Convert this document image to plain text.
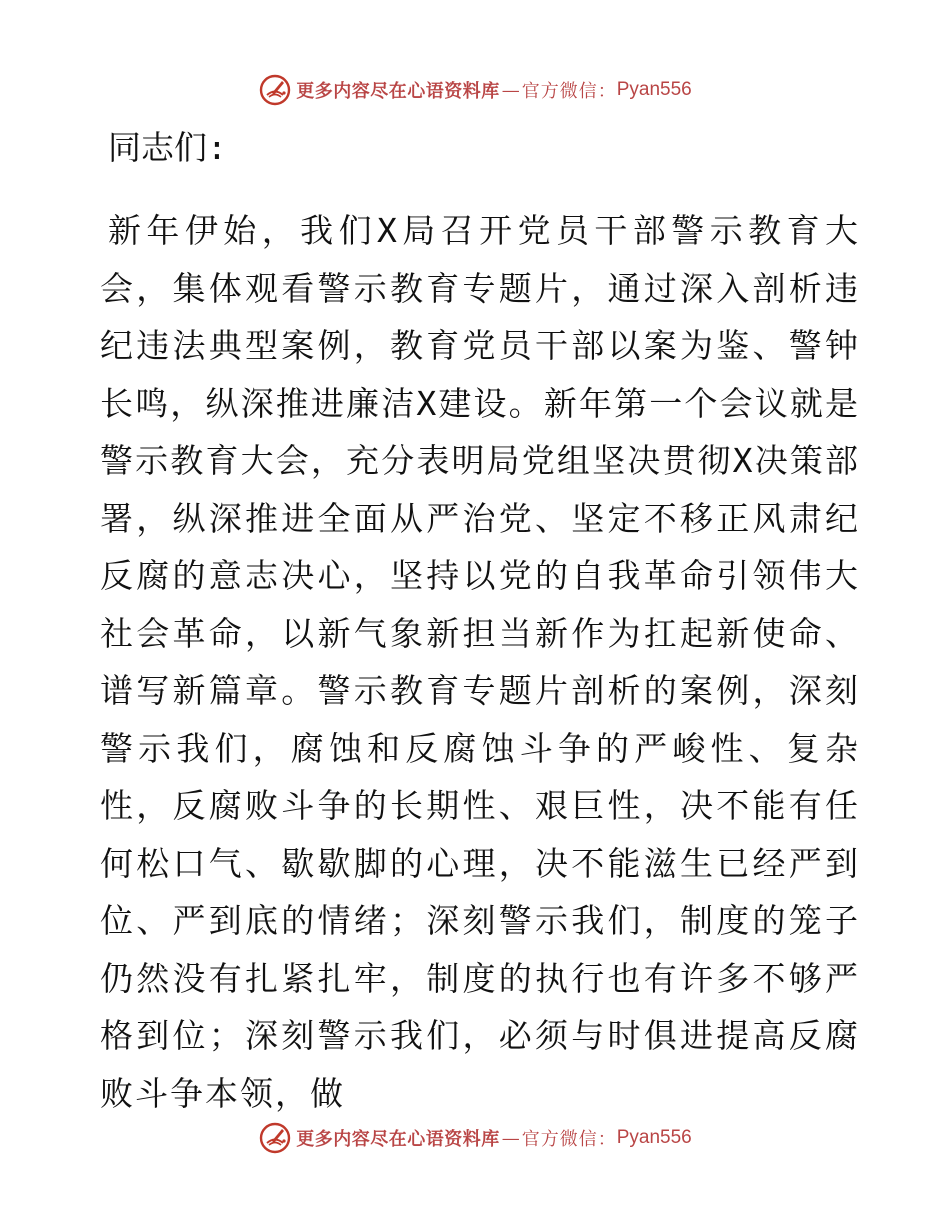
更多内容尽在心语资料库 — 官方微信： Pyan556

同志们:

新年伊始，我们X局召开党员干部警示教育大会，集体观看警示教育专题片，通过深入剖析违纪违法典型案例，教育党员干部以案为鉴、警钟长鸣，纵深推进廉洁X建设。新年第一个会议就是警示教育大会，充分表明局党组坚决贯彻X决策部署，纵深推进全面从严治党、坚定不移正风肃纪反腐的意志决心，坚持以党的自我革命引领伟大社会革命，以新气象新担当新作为扛起新使命、谱写新篇章。警示教育专题片剖析的案例，深刻警示我们，腐蚀和反腐蚀斗争的严峻性、复杂性，反腐败斗争的长期性、艰巨性，决不能有任何松口气、歇歇脚的心理，决不能滋生已经严到位、严到底的情绪；深刻警示我们，制度的笼子仍然没有扎紧扎牢，制度的执行也有许多不够严格到位；深刻警示我们，必须与时俱进提高反腐败斗争本领，做

更多内容尽在心语资料库 — 官方微信： Pyan556
